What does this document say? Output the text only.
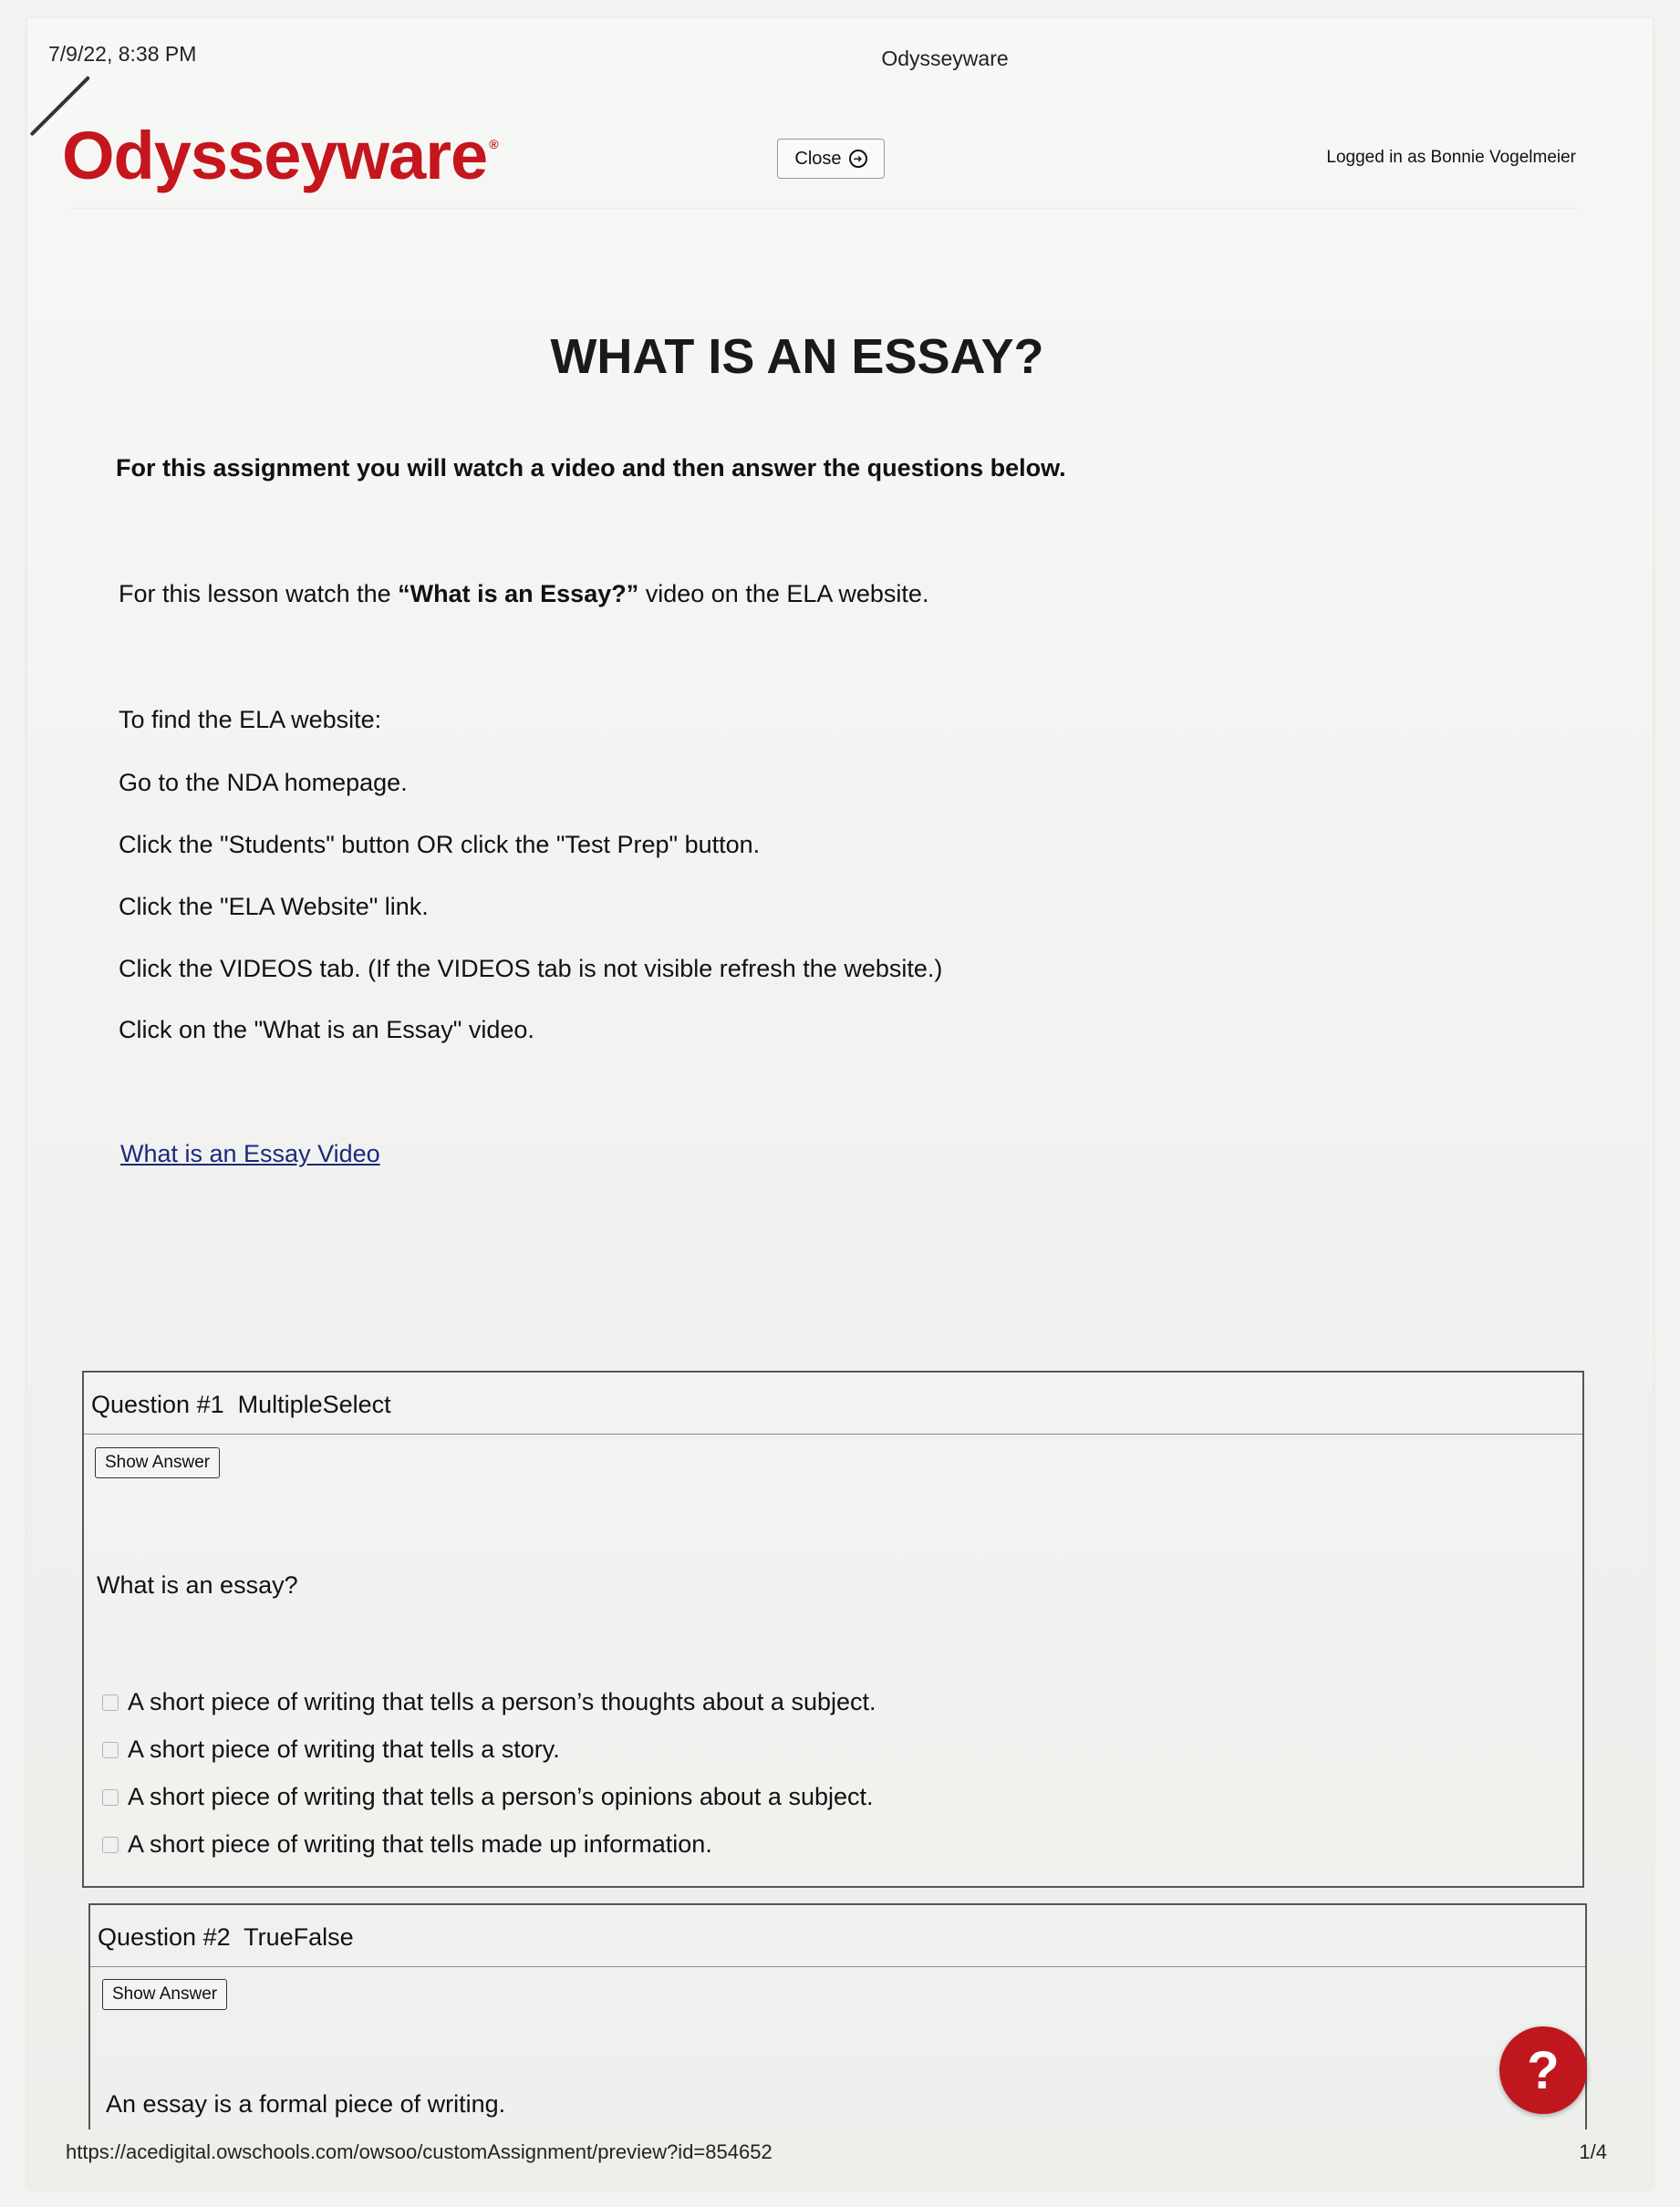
7/9/22, 8:38 PM	Odysseyware
Odysseyware ®
Close	➜	Logged in as Bonnie Vogelmeier
WHAT IS AN ESSAY?
For this assignment you will watch a video and then answer the questions below.
For this lesson watch the “What is an Essay?” video on the ELA website.
To find the ELA website:
Go to the NDA homepage.
Click the "Students" button OR click the "Test Prep" button.
Click the "ELA Website" link.
Click the VIDEOS tab. (If the VIDEOS tab is not visible refresh the website.)
Click on the "What is an Essay" video.
What is an Essay Video
Question #1  MultipleSelect
Show Answer
What is an essay?
A short piece of writing that tells a person’s thoughts about a subject.
A short piece of writing that tells a story.
A short piece of writing that tells a person’s opinions about a subject.
A short piece of writing that tells made up information.
Question #2  TrueFalse
Show Answer
An essay is a formal piece of writing.
?
https://acedigital.owschools.com/owsoo/customAssignment/preview?id=854652	1/4
